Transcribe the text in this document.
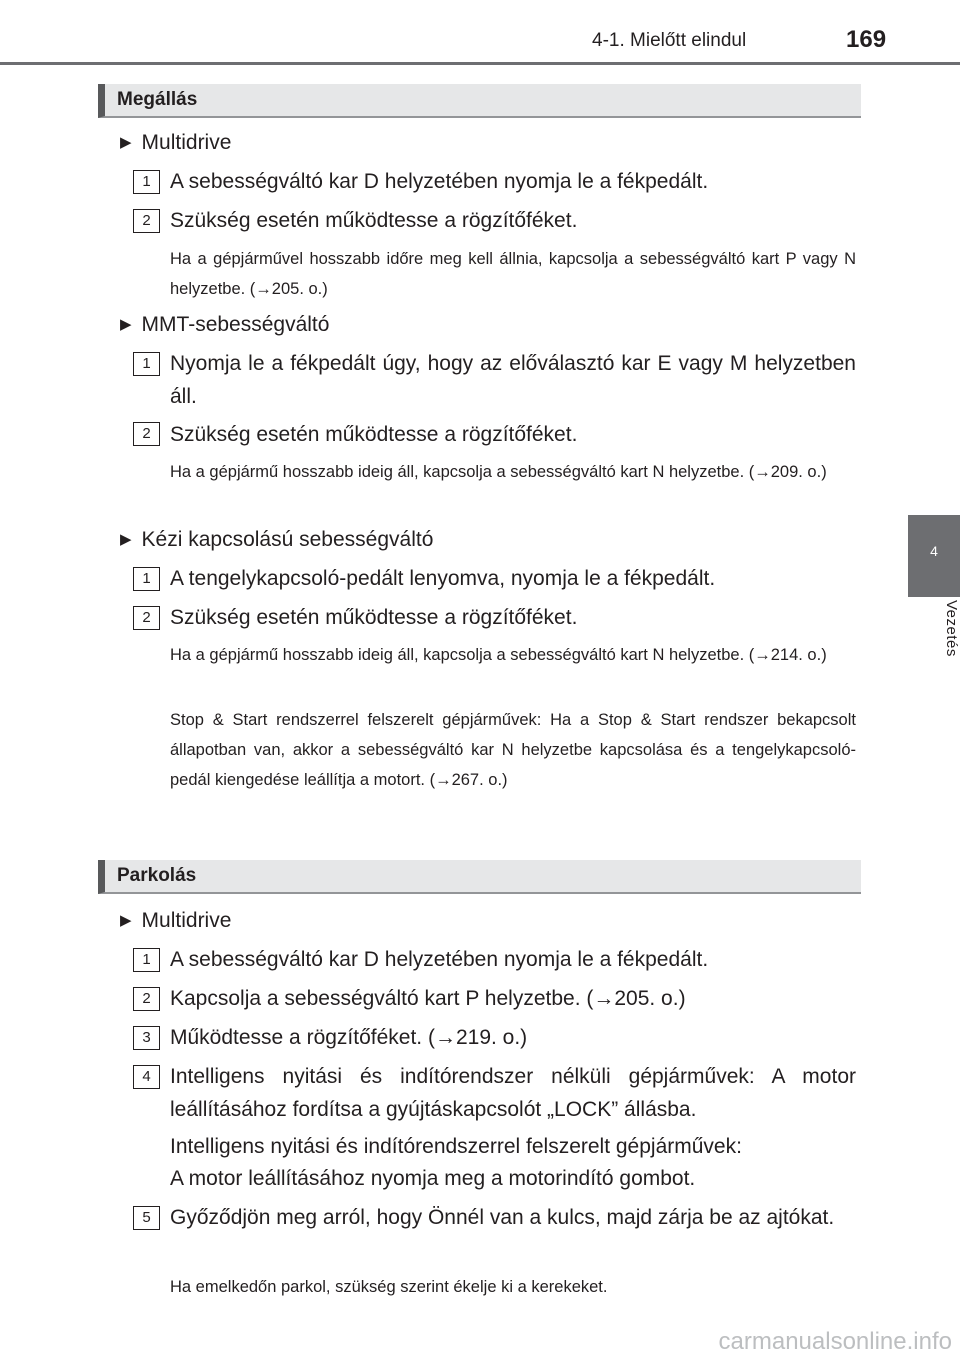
4-1. Mielőtt elindul	169
4
Vezetés
Megállás
▶ Multidrive
1 A sebességváltó kar D helyzetében nyomja le a fékpedált.
2 Szükség esetén működtesse a rögzítőféket.
Ha a gépjárművel hosszabb időre meg kell állnia, kapcsolja a sebességváltó kart P vagy N helyzetbe. (→205. o.)
▶ MMT-sebességváltó
1 Nyomja le a fékpedált úgy, hogy az előválasztó kar E vagy M helyzetben áll.
2 Szükség esetén működtesse a rögzítőféket.
Ha a gépjármű hosszabb ideig áll, kapcsolja a sebességváltó kart N helyzetbe. (→209. o.)
▶ Kézi kapcsolású sebességváltó
1 A tengelykapcsoló-pedált lenyomva, nyomja le a fékpedált.
2 Szükség esetén működtesse a rögzítőféket.
Ha a gépjármű hosszabb ideig áll, kapcsolja a sebességváltó kart N helyzetbe. (→214. o.)
Stop & Start rendszerrel felszerelt gépjárművek: Ha a Stop & Start rendszer bekapcsolt állapotban van, akkor a sebességváltó kar N helyzetbe kapcsolása és a tengelykapcsoló-pedál kiengedése leállítja a motort. (→267. o.)
Parkolás
▶ Multidrive
1 A sebességváltó kar D helyzetében nyomja le a fékpedált.
2 Kapcsolja a sebességváltó kart P helyzetbe. (→205. o.)
3 Működtesse a rögzítőféket. (→219. o.)
4 Intelligens nyitási és indítórendszer nélküli gépjárművek: A motor leállításához fordítsa a gyújtáskapcsolót „LOCK” állásba.
Intelligens nyitási és indítórendszerrel felszerelt gépjárművek:
A motor leállításához nyomja meg a motorindító gombot.
5 Győződjön meg arról, hogy Önnél van a kulcs, majd zárja be az ajtókat.
Ha emelkedőn parkol, szükség szerint ékelje ki a kerekeket.
carmanualsonline.info
